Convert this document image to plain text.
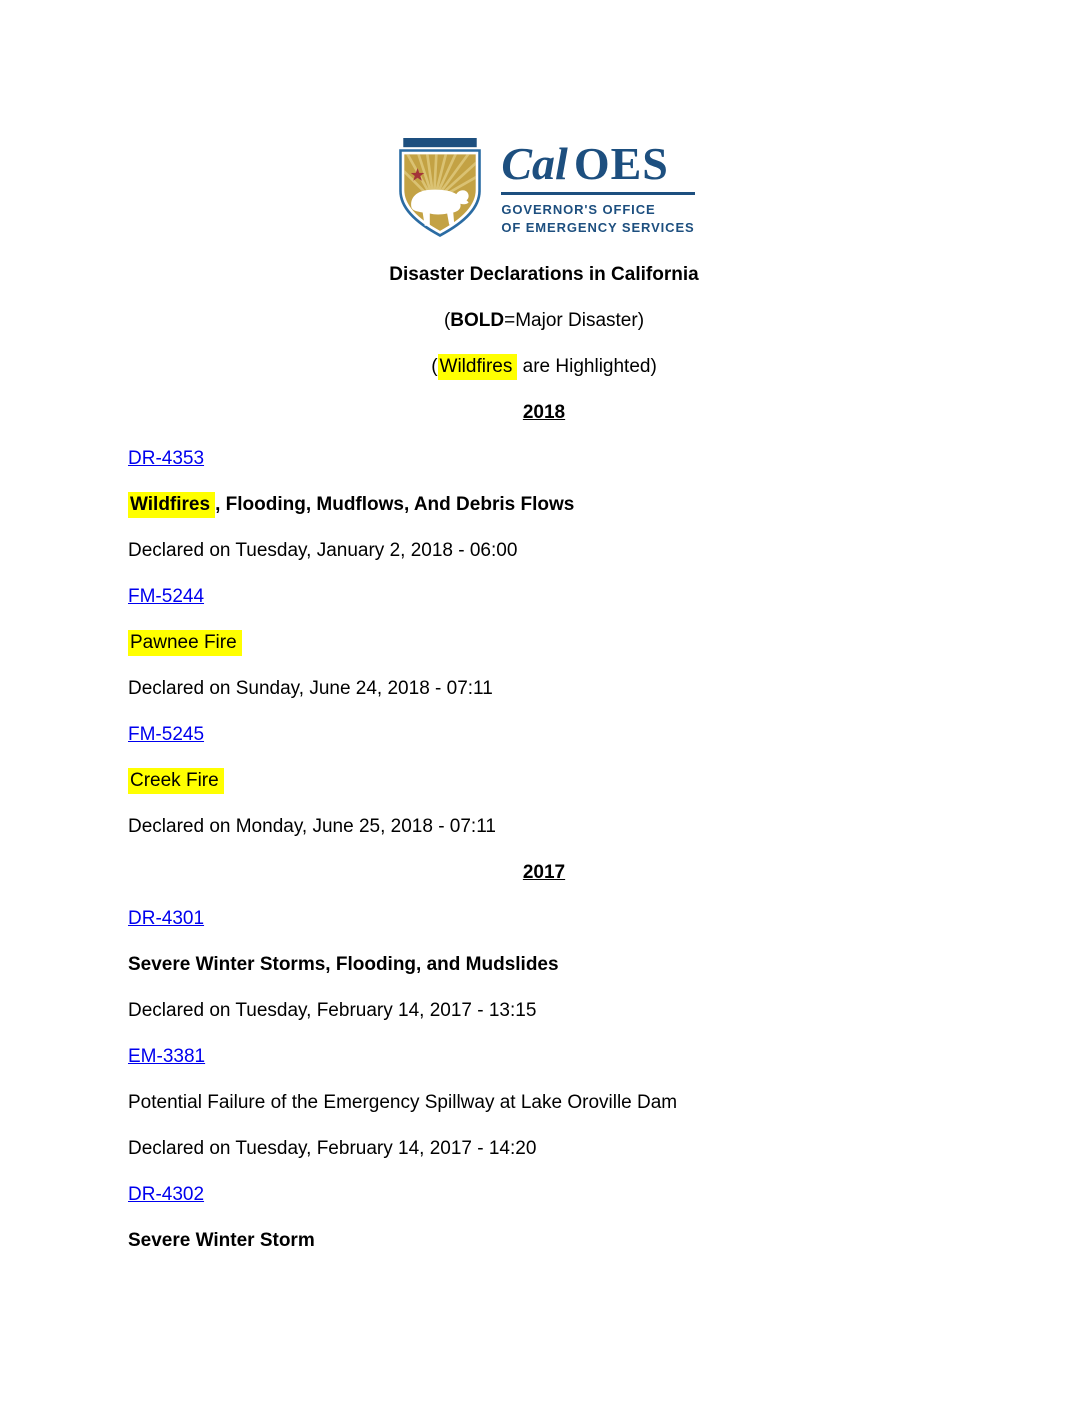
Cal OES
GOVERNOR'S OFFICE
OF EMERGENCY SERVICES

Disaster Declarations in California

(BOLD=Major Disaster)

( Wildfires are Highlighted)

2018

DR-4353

Wildfires , Flooding, Mudflows, And Debris Flows

Declared on Tuesday, January 2, 2018 - 06:00

FM-5244

Pawnee Fire

Declared on Sunday, June 24, 2018 - 07:11

FM-5245

Creek Fire

Declared on Monday, June 25, 2018 - 07:11

2017

DR-4301

Severe Winter Storms, Flooding, and Mudslides

Declared on Tuesday, February 14, 2017 - 13:15

EM-3381

Potential Failure of the Emergency Spillway at Lake Oroville Dam

Declared on Tuesday, February 14, 2017 - 14:20

DR-4302

Severe Winter Storm
